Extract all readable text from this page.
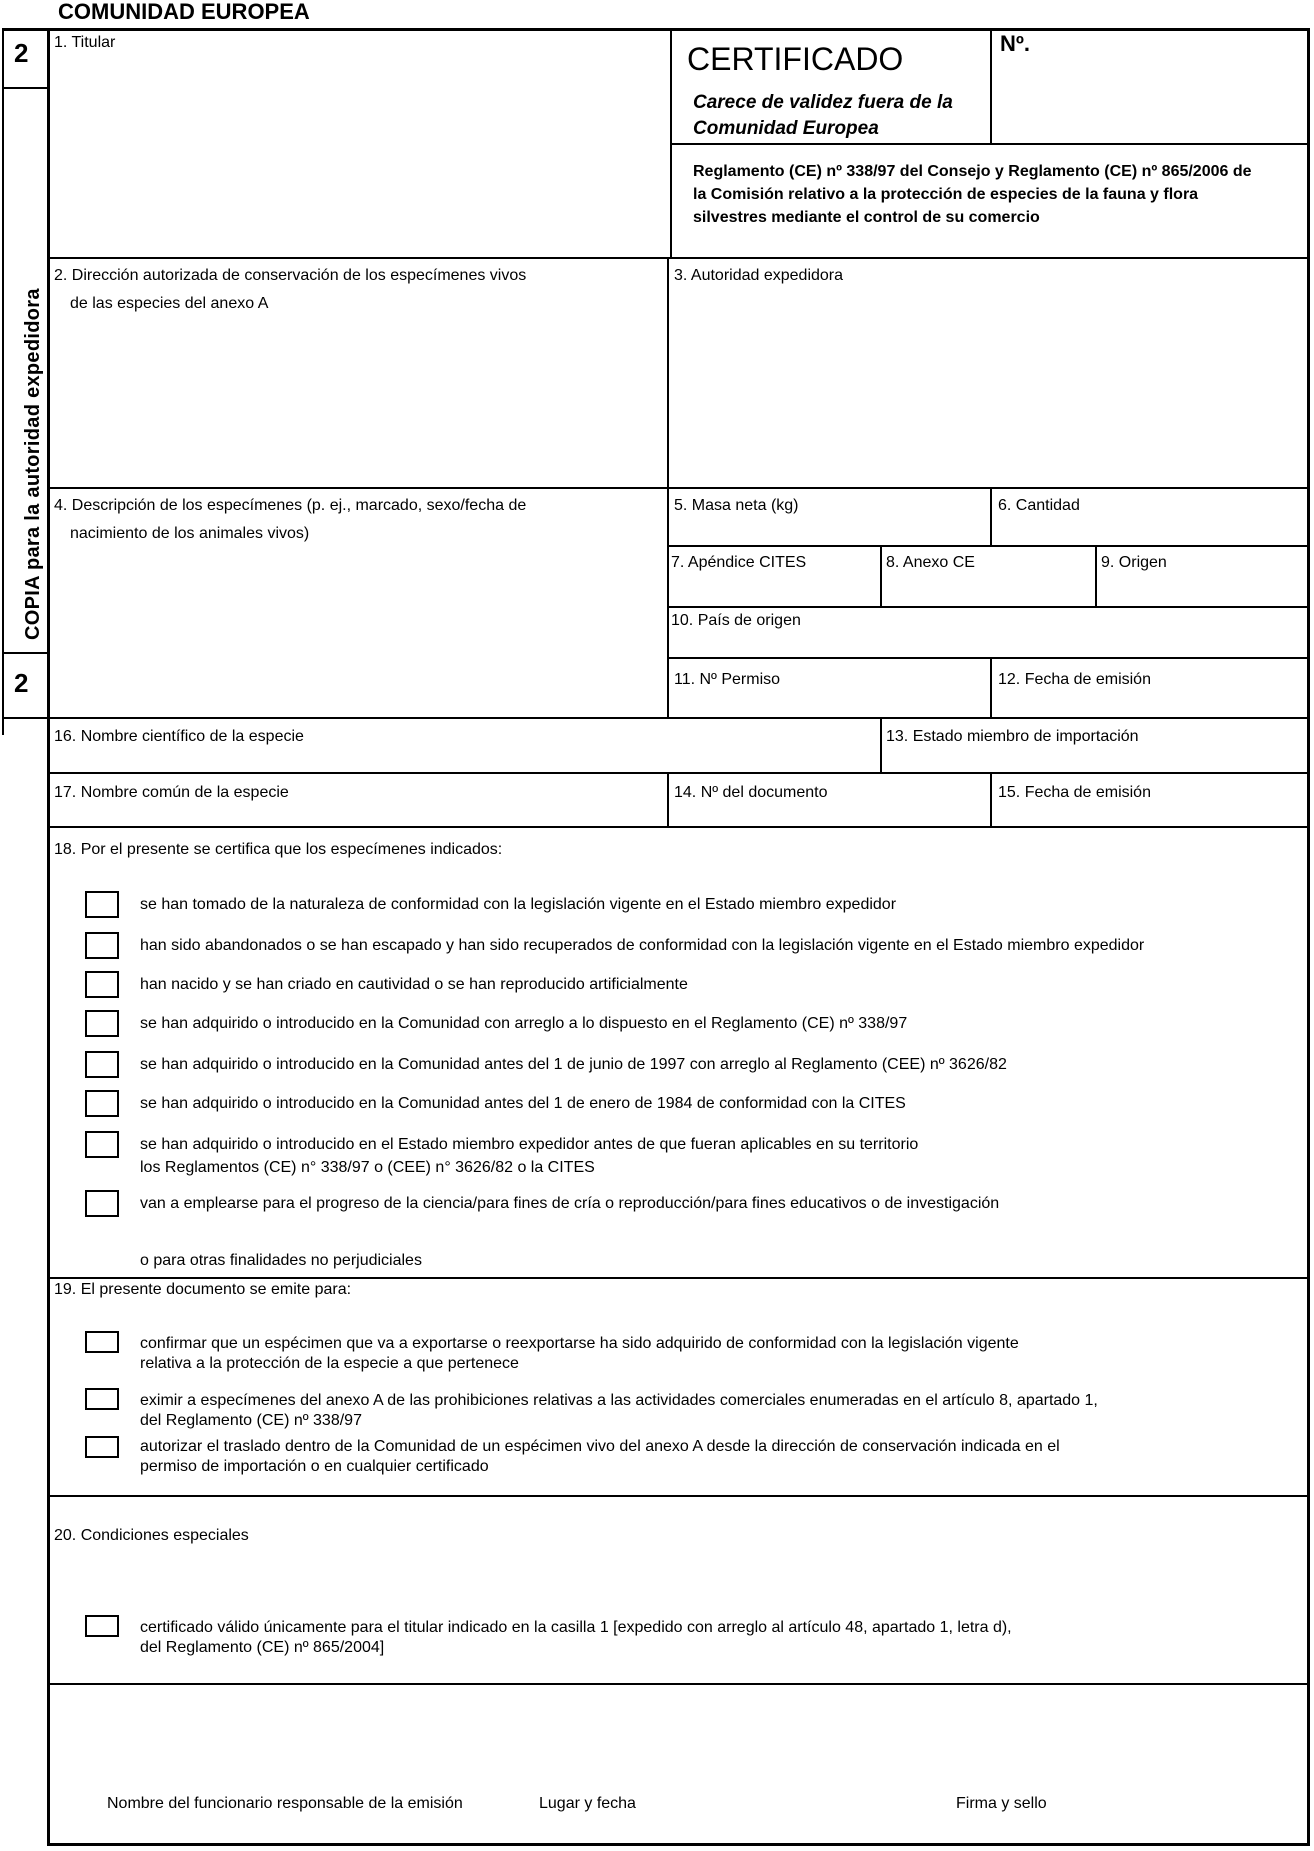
COMUNIDAD EUROPEA
2
2
COPIA para la autoridad expedidora
1. Titular	CERTIFICADO	Nº.
Carece de validez fuera de la
Comunidad Europea
Reglamento (CE) nº 338/97 del Consejo y Reglamento (CE) nº 865/2006 de
la Comisión relativo a la protección de especies de la fauna y flora
silvestres mediante el control de su comercio
2. Dirección autorizada de conservación de los especímenes vivos
de las especies del anexo A
3. Autoridad expedidora
4. Descripción de los especímenes (p. ej., marcado, sexo/fecha de
nacimiento de los animales vivos)
5. Masa neta (kg)	6. Cantidad
7. Apéndice CITES	8. Anexo CE	9. Origen
10. País de origen
11. Nº Permiso	12. Fecha de emisión
16. Nombre científico de la especie	13. Estado miembro de importación
17. Nombre común de la especie	14. Nº del documento	15. Fecha de emisión
18. Por el presente se certifica que los especímenes indicados:
se han tomado de la naturaleza de conformidad con la legislación vigente en el Estado miembro expedidor
han sido abandonados o se han escapado y han sido recuperados de conformidad con la legislación vigente en el Estado miembro expedidor
han nacido y se han criado en cautividad o se han reproducido artificialmente
se han adquirido o introducido en la Comunidad con arreglo a lo dispuesto en el Reglamento (CE) nº 338/97
se han adquirido o introducido en la Comunidad antes del 1 de junio de 1997 con arreglo al Reglamento (CEE) nº 3626/82
se han adquirido o introducido en la Comunidad antes del 1 de enero de 1984 de conformidad con la CITES
se han adquirido o introducido en el Estado miembro expedidor antes de que fueran aplicables en su territorio
los Reglamentos (CE) n° 338/97 o (CEE) n° 3626/82 o la CITES
van a emplearse para el progreso de la ciencia/para fines de cría o reproducción/para fines educativos o de investigación
o para otras finalidades no perjudiciales
19. El presente documento se emite para:
confirmar que un espécimen que va a exportarse o reexportarse ha sido adquirido de conformidad con la legislación vigente
relativa a la protección de la especie a que pertenece
eximir a especímenes del anexo A de las prohibiciones relativas a las actividades comerciales enumeradas en el artículo 8, apartado 1,
del Reglamento (CE) nº 338/97
autorizar el traslado dentro de la Comunidad de un espécimen vivo del anexo A desde la dirección de conservación indicada en el
permiso de importación o en cualquier certificado
20. Condiciones especiales
certificado válido únicamente para el titular indicado en la casilla 1 [expedido con arreglo al artículo 48, apartado 1, letra d),
del Reglamento (CE) nº 865/2004]
Nombre del funcionario responsable de la emisión	Lugar y fecha	Firma y sello
